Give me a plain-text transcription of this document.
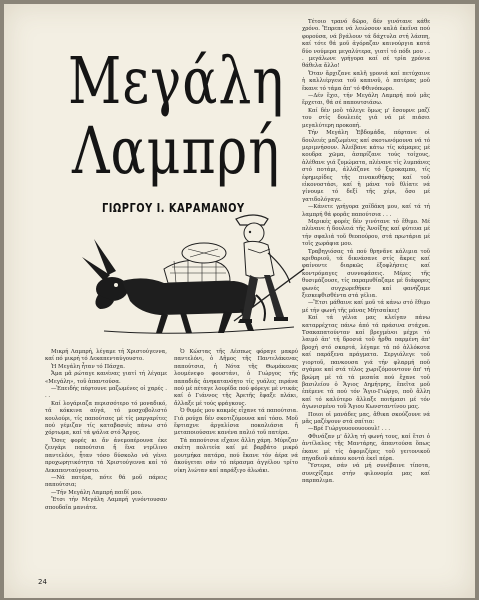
Μεγάλη
Λαμπρή
ΓΙΩΡΓΟΥ Ι. ΚΑΡΑΜΑΝΟΥ

Μικρή Λαμπρή, λέγαμε τή Χριστούγεννα, καί πό μικρή τό Δεκαπενταύγουστο.

Ἡ Μεγάλη ἦταν τό Πάσχα.

Ἄμα μᾶ ρώταγε κανένας γιατί τή λέγαμε «Μεγάλη», τοῦ ἀπαντούσα.

—Ἐπειδής πέφτουνε μαζωμένες οἱ χαρές . . .

Καί λογάριαζα περισσότερο τό μοναδικό, τά κόκκινα αὐγά, τό μοσχοβολιστό κουλούρι, τίς παπούτσες μέ τίς μαργαρίτες πού γέμιζαν τίς καταβασιές πάνω στό χόρτωμα, καί τά ψάλια στό Ἄργος.

Ὅσες φορές κι ἄν ἀνεμοπέρουνα ἐκε ζευγάρι παπούτσια ἤ ἕνα ντρίλινο παντελόνι, ἦταν τόσο δύσκολο νά γένει προχωρητικότητα τά Χριστούγεννα καί τό Δεκαπενταύγουστο.

—Νά πατέρα, πότε θά μοῦ πάρεις παπούτσια;

—Τήν Μεγάλη Λαμπρή παιδί μου.

Ἔτσι τήν Μεγάλη Λαμπρή γινόντουσαν σπουδαῖα μανιάτα.

Ὁ Κώστας τῆς Δέσπως φόραγε μακρύ παντελόνι, ὁ Δῆμος τῆς Παντελάκενας παπούτσια, ἡ Νότα τῆς Θωμάκενας λουμένεψο φουστάνι, ὁ Γιώργος τῆς παπαδιᾶς ἀνηκατανόητο τίς γυάλες πιράνα πού μέ πέταγε λουρίδα πού φόρεγε μέ ντικάς καί ὁ Γιάννος τῆς Ἀρετῆς ἔφαξε πλάκι, ἄλλαξε μέ τούς φράγκους.

Ὁ θυμός μου κακμός εἶχανε τά παπούτσια. Γιά ρούχα δέν σκοτιζόμουνα καί τόσο. Μοῦ ἔφτιαχνε ἀργαλίσια ποκαλιάσια ἤ μεταποιούσανε κανένα παλιό τοῦ πατέρα.

Τά παπούτσια εἴχανε ἄλλη χάρη. Μύριζαν σκέτη πολιτεία καί μέ βαρβάτο μικρό μουτμήκα πατάρα, πού ἔκανε τόν ἀέρα νά ἀκούγεται σάν τό πέρασμα ἀγγέλου τρίτο νίκη λιώταν καί παράξιγο ἀλωάκι.

Τέτοιο τρανό δῶρο, δέν γινότανε κάθε χρόνο. Ἔπρεπε νά λειώσουν καλά ἐκεῖνα πού φορούσα, νά βγάλουν τά δάχτυλα στή λάσπη, καί τότε θά μοῦ ἀγόραζαν καινούργια κατά δύο νούμερα μεγαλύτερα, γιατί τό πόδι μου . . . μεγάλωνε γρήγορα καί σέ τρία χρόνια θάθελα ἄλλο!

Ὅταν ἄρχιζανε καλῆ γρονιά καί πετύχαινε ἡ καλλιέργεια τοῦ καπνοῦ, ὁ πατέρας μοῦ ἔκανε τό τάμα ἀπ' τό Φθινόπωρο.

—Δέν ἔχει, τήν Μεγάλη Λαμπρή πού μᾶς ἔρχεται, θά σέ παπουτσιάσω.

Καί δέν μοῦ τάλεγε ὅμως μ' ἔσουρνε μαζί του στίς δουλειές γιά νά μέ πιάσει μεγαλύτερη προκοπή.

Τήν Μεγάλη Ἑβδομάδα, πέφτανε οἱ δουλειές μαζωμένες καί σκοτωνόμουνα νά τό μεριμνήσουν. Ἀλείβανε κάτω τίς κάμαρες μέ κουδρα χῶμα, ἀσπρίζανε τούς τοίχους, ἀλέθανε γιά ζυμώματα, πλένανε τίς λυμπάνες στό ποτάμι, ἀλλάζανε τό ξεροκαμπο, τίς ἐφημερίδες τῆς πινακοθήκης καί τοῦ εἰκονοστάσι, καί ἡ μάνα τοῦ θλίατε νά γίνουμε τό δεξί τῆς χέρι, ὅσο μέ γατιδολόγαγε.

—Κάνετε γρήγορα χαϊδάκη μου, καί τά τή λαμπρή θά φορᾶς παπούτσια . . .

Μερικές φορές δέν γινότανε τό ἔθιμο. Μέ πλένανε ἡ δουλειά τῆς Ἀνοίξης καί φύτευα μέ τήν σφαλιά τοῦ θεοπούρου, στά πρωτάρια μέ τοῖς χωράφια μου.

Τραβηγιόσας τά πού θρηνᾶνε κάλιμια τοῦ κριθαριοῦ, τά δικνάσανε στίς ἄκρες καί φαίνοντε διαρκῶς ἐξοφλήσεις καί κοντρόμαγες συννεφάσεις. Μέρες τῆς θυσιμάζουσε, τίς παραμυθίαζαμε μέ διάφορες φωνές συγχωρεθήκεν καί φανήζαμε ξεσκεφθισθέντα στά γέλια.

—Ἔτσι μάθαινε καί μοῦ τά κάνω στό ἔθιμο μέ τήν φωνή τῆς μάνας Μήτσαίκες!

Καί τά γέλια μας κλείγαν πάνω καταρρέχτας πάνω ἀπό τά πράσινα στάχυα. Τσακαπατούνταν καί βρεγμένοι μέχρι τό λαιμό ἀπ' τή δροσιά τοῦ ἦρθα παρμένη ἀπ' βροχή στό σκαρτά, λέγαμε τά πό ἀλλόκοτα καί παράξενα πράγματα. Σεργιάλεγε τοῦ γιορτοῦ, πανκουσα γιά τήν φλαρμή ποῦ σγάμοε καί στά τέλος χωριζόμουντουν ἀπ' τή βρώμη μέ τά τά μεσαία πού ἔχανε τοῦ βασιλείου ὁ Ἅγιος Δημήτρης, ἔπεῖτα μοῦ ἐπέμενε τά πού τόν Ἅγιο-Γιώργο, ποῦ ἄλλη καί τό καλύτερο ἄλλαξε ποιήμασι μέ τόν ἀγωνισμένο τοῦ Ἅγιου Κωνσταντίνου μας.

Ποιοι οἱ μανάδες μας, ἄθικα σκούζουνε νά μᾶς μαζέψουν στά σπίτια:

—Βρέ Γιώργουουουουουλ! . . .

Φθινάζαν μ' ἄλλη τή φωνή τους, καί ἔτσι ὁ ἀντίλαλος τῆς Μαντάρης, ἀπαντούσα ὅπως ἐκανε μέ τίς ἀφομιζέρες τοῦ γειτονικοῦ πηγαδιοῦ κάπου κοντά ἐκεῖ πέρα.

Ὕστερα, σάν νά μή συνέβαινε τίποτα, συνεχίζαμε στήν φιλονομία μας καί παρπαλιμα.

24
